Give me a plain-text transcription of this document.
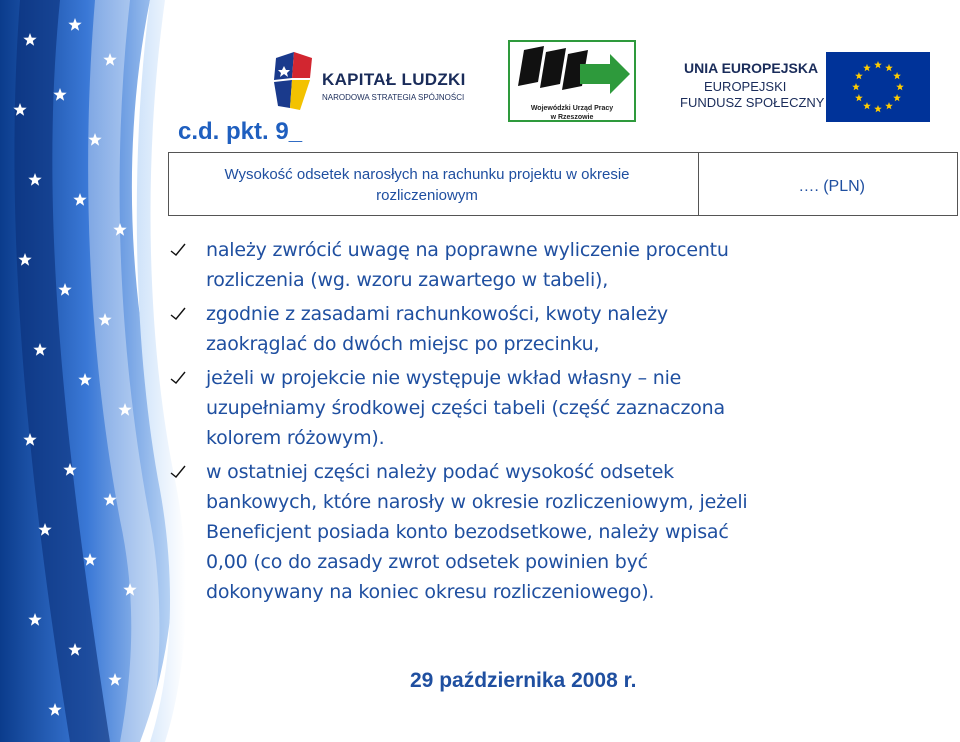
KAPITAŁ LUDZKI
NARODOWA STRATEGIA SPÓJNOŚCI
Wojewódzki Urząd Pracy
w Rzeszowie
UNIA EUROPEJSKA
EUROPEJSKI
FUNDUSZ SPOŁECZNY
c.d. pkt. 9_
Wysokość odsetek narosłych na rachunku projektu w okresie rozliczeniowym
…. (PLN)
należy zwrócić uwagę na poprawne wyliczenie procentu
rozliczenia (wg. wzoru zawartego w tabeli),
zgodnie z zasadami rachunkowości, kwoty należy
zaokrąglać do dwóch miejsc po przecinku,
jeżeli w projekcie nie występuje wkład własny – nie
uzupełniamy środkowej części tabeli (część zaznaczona
kolorem różowym).
w ostatniej części należy podać wysokość odsetek
bankowych, które narosły w okresie rozliczeniowym, jeżeli
Beneficjent posiada konto bezodsetkowe, należy wpisać
0,00 (co do zasady zwrot odsetek powinien być
dokonywany na koniec okresu rozliczeniowego).
29 października 2008 r.
